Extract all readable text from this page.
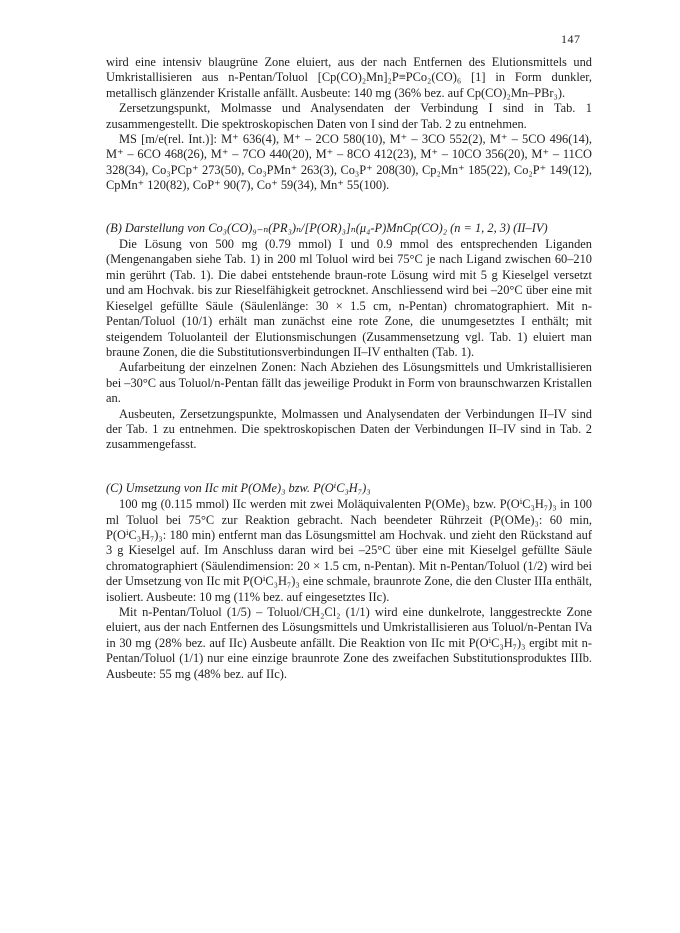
147

wird eine intensiv blaugrüne Zone eluiert, aus der nach Entfernen des Elutionsmittels und Umkristallisieren aus n-Pentan/Toluol [Cp(CO)₂Mn]₂P≡PCo₂(CO)₆ [1] in Form dunkler, metallisch glänzender Kristalle anfällt. Ausbeute: 140 mg (36% bez. auf Cp(CO)₂Mn–PBr₃).

Zersetzungspunkt, Molmasse und Analysendaten der Verbindung I sind in Tab. 1 zusammengestellt. Die spektroskopischen Daten von I sind der Tab. 2 zu entnehmen.

MS [m/e(rel. Int.)]: M⁺ 636(4), M⁺ – 2CO 580(10), M⁺ – 3CO 552(2), M⁺ – 5CO 496(14), M⁺ – 6CO 468(26), M⁺ – 7CO 440(20), M⁺ – 8CO 412(23), M⁺ – 10CO 356(20), M⁺ – 11CO 328(34), Co₃PCp⁺ 273(50), Co₃PMn⁺ 263(3), Co₃P⁺ 208(30), Cp₂Mn⁺ 185(22), Co₂P⁺ 149(12), CpMn⁺ 120(82), CoP⁺ 90(7), Co⁺ 59(34), Mn⁺ 55(100).

(B) Darstellung von Co₃(CO)₉₋ₙ(PR₃)ₙ/[P(OR)₃]ₙ(μ₄-P)MnCp(CO)₂ (n = 1, 2, 3) (II–IV)

Die Lösung von 500 mg (0.79 mmol) I und 0.9 mmol des entsprechenden Liganden (Mengenangaben siehe Tab. 1) in 200 ml Toluol wird bei 75°C je nach Ligand zwischen 60–210 min gerührt (Tab. 1). Die dabei entstehende braun-rote Lösung wird mit 5 g Kieselgel versetzt und am Hochvak. bis zur Rieselfähigkeit getrocknet. Anschliessend wird bei –20°C über eine mit Kieselgel gefüllte Säule (Säulenlänge: 30 × 1.5 cm, n-Pentan) chromatographiert. Mit n-Pentan/Toluol (10/1) erhält man zunächst eine rote Zone, die unumgesetztes I enthält; mit steigendem Toluolanteil der Elutionsmischungen (Zusammensetzung vgl. Tab. 1) eluiert man braune Zonen, die die Substitutionsverbindungen II–IV enthalten (Tab. 1).

Aufarbeitung der einzelnen Zonen: Nach Abziehen des Lösungsmittels und Umkristallisieren bei –30°C aus Toluol/n-Pentan fällt das jeweilige Produkt in Form von braunschwarzen Kristallen an.

Ausbeuten, Zersetzungspunkte, Molmassen und Analysendaten der Verbindungen II–IV sind der Tab. 1 zu entnehmen. Die spektroskopischen Daten der Verbindungen II–IV sind in Tab. 2 zusammengefasst.

(C) Umsetzung von IIc mit P(OMe)₃ bzw. P(OⁱC₃H₇)₃

100 mg (0.115 mmol) IIc werden mit zwei Moläquivalenten P(OMe)₃ bzw. P(OⁱC₃H₇)₃ in 100 ml Toluol bei 75°C zur Reaktion gebracht. Nach beendeter Rührzeit (P(OMe)₃: 60 min, P(OⁱC₃H₇)₃: 180 min) entfernt man das Lösungsmittel am Hochvak. und zieht den Rückstand auf 3 g Kieselgel auf. Im Anschluss daran wird bei –25°C über eine mit Kieselgel gefüllte Säule chromatographiert (Säulendimension: 20 × 1.5 cm, n-Pentan). Mit n-Pentan/Toluol (1/2) wird bei der Umsetzung von IIc mit P(OⁱC₃H₇)₃ eine schmale, braunrote Zone, die den Cluster IIIa enthält, isoliert. Ausbeute: 10 mg (11% bez. auf eingesetztes IIc).

Mit n-Pentan/Toluol (1/5) – Toluol/CH₂Cl₂ (1/1) wird eine dunkelrote, langgestreckte Zone eluiert, aus der nach Entfernen des Lösungsmittels und Umkristallisieren aus Toluol/n-Pentan IVa in 30 mg (28% bez. auf IIc) Ausbeute anfällt. Die Reaktion von IIc mit P(OⁱC₃H₇)₃ ergibt mit n-Pentan/Toluol (1/1) nur eine einzige braunrote Zone des zweifachen Substitutionsproduktes IIIb. Ausbeute: 55 mg (48% bez. auf IIc).
